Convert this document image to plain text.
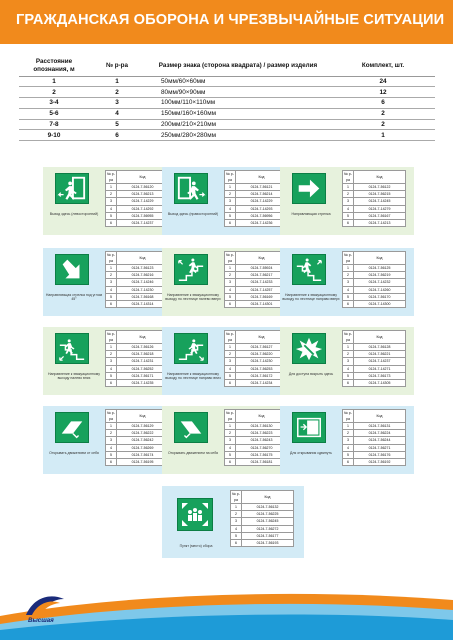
ГРАЖДАНСКАЯ ОБОРОНА И ЧРЕЗВЫЧАЙНЫЕ СИТУАЦИИ
Расстояние опознания, м	№ р-ра	Размер знака (сторона квадрата) / размер изделия	Комплект, шт.
1	1	50мм/60×60мм	24
2	2	80мм/90×90мм	12
3-4	3	100мм/110×110мм	6
5-6	4	150мм/160×160мм	2
7-8	5	200мм/210×210мм	2
9-10	6	250мм/280×280мм	1
Выход здесь (левосторонний)
№ р-ра	Код
1	0124-7-56120
2	0124-7-56213
3	0124-7-14229
4	0124-7-14292
5	0124-7-56955
6	0124-7-14237
Выход здесь (правосторонний)
№ р-ра	Код
1	0124-7-56121
2	0124-7-56214
3	0124-7-14229
4	0124-7-14293
5	0124-7-56956
6	0124-7-14236
Направляющая стрелка
№ р-ра	Код
1	0124-7-56122
2	0124-7-56215
3	0124-7-14245
4	0124-7-14279
5	0124-7-56167
6	0124-7-14213
Направляющая стрелка под углом 45°
№ р-ра	Код
1	0124-7-56123
2	0124-7-56216
3	0124-7-14246
4	0124-7-14230
5	0124-7-56168
6	0124-7-14314
Направление к эвакуационному выходу по лестнице налево вверх
№ р-ра	Код
1	0124-7-55924
2	0124-7-56217
3	0124-7-14233
4	0124-7-14257
5	0124-7-56169
6	0124-7-14301
Направление к эвакуационному выходу по лестнице направо вверх
№ р-ра	Код
1	0124-7-56125
2	0124-7-56219
3	0124-7-14232
4	0124-7-14260
5	0124-7-56170
6	0124-7-14300
Направление к эвакуационному выходу налево вниз
№ р-ра	Код
1	0124-7-56126
2	0124-7-56218
3	0124-7-14231
4	0124-7-56252
5	0124-7-56171
6	0124-7-14235
Направление к эвакуационному выходу по лестнице направо вниз
№ р-ра	Код
1	0124-7-56127
2	0124-7-56220
3	0124-7-14230
4	0124-7-56253
5	0124-7-56172
6	0124-7-14234
Для доступа вскрыть здесь
№ р-ра	Код
1	0124-7-56128
2	0124-7-56221
3	0124-7-14237
4	0124-7-14271
5	0124-7-56173
6	0124-7-14305
Открывать движением от себя
№ р-ра	Код
1	0124-7-56129
2	0124-7-56222
3	0124-7-56242
4	0124-7-56269
5	0124-7-56174
6	0124-7-56195
Открывать движением на себя
№ р-ра	Код
1	0124-7-56130
2	0124-7-56223
3	0124-7-56243
4	0124-7-56270
5	0124-7-56175
6	0124-7-56181
Для открывания сдвинуть
№ р-ра	Код
1	0124-7-56131
2	0124-7-56224
3	0124-7-56244
4	0124-7-56271
5	0124-7-56176
6	0124-7-56192
Пункт (место) сбора
№ р-ра	Код
1	0124-7-56132
2	0124-7-56225
3	0124-7-56245
4	0124-7-56272
5	0124-7-56177
6	0124-7-56193
Высшая
